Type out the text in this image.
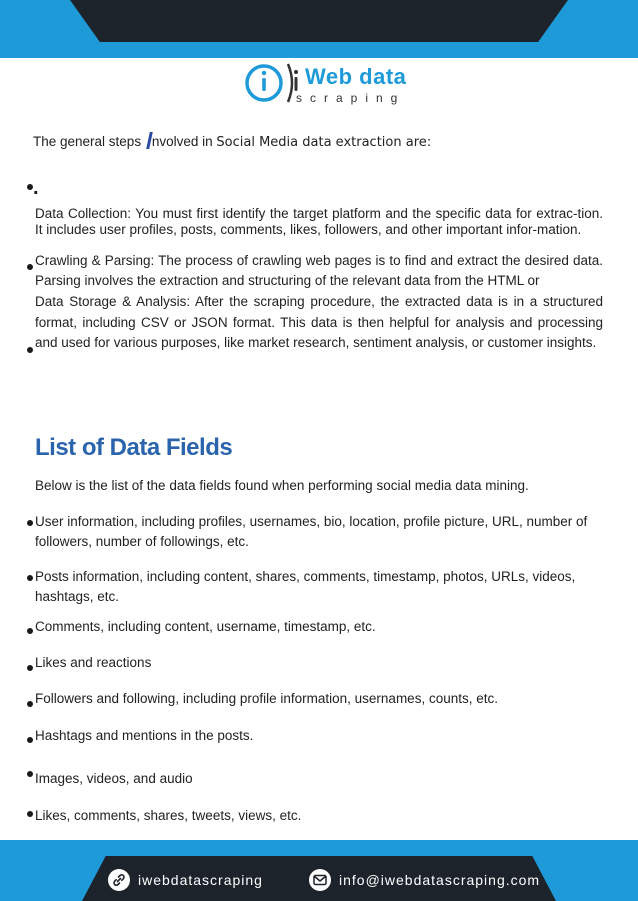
Web data
scraping
The general steps nvolved in Social Media data extraction are:
.
Data Collection: You must first identify the target platform and the specific data for extrac-tion. It includes user profiles, posts, comments, likes, followers, and other important infor-mation.
Crawling & Parsing: The process of crawling web pages is to find and extract the desired data. Parsing involves the extraction and structuring of the relevant data from the HTML or
Data Storage & Analysis: After the scraping procedure, the extracted data is in a structured format, including CSV or JSON format. This data is then helpful for analysis and processing and used for various purposes, like market research, sentiment analysis, or customer insights.
List of Data Fields
Below is the list of the data fields found when performing social media data mining.
User information, including profiles, usernames, bio, location, profile picture, URL, number of followers, number of followings, etc.
Posts information, including content, shares, comments, timestamp, photos, URLs, videos, hashtags, etc.
Comments, including content, username, timestamp, etc.
Likes and reactions
Followers and following, including profile information, usernames, counts, etc.
Hashtags and mentions in the posts.
Images, videos, and audio
Likes, comments, shares, tweets, views, etc.
iwebdatascraping	info@iwebdatascraping.com
